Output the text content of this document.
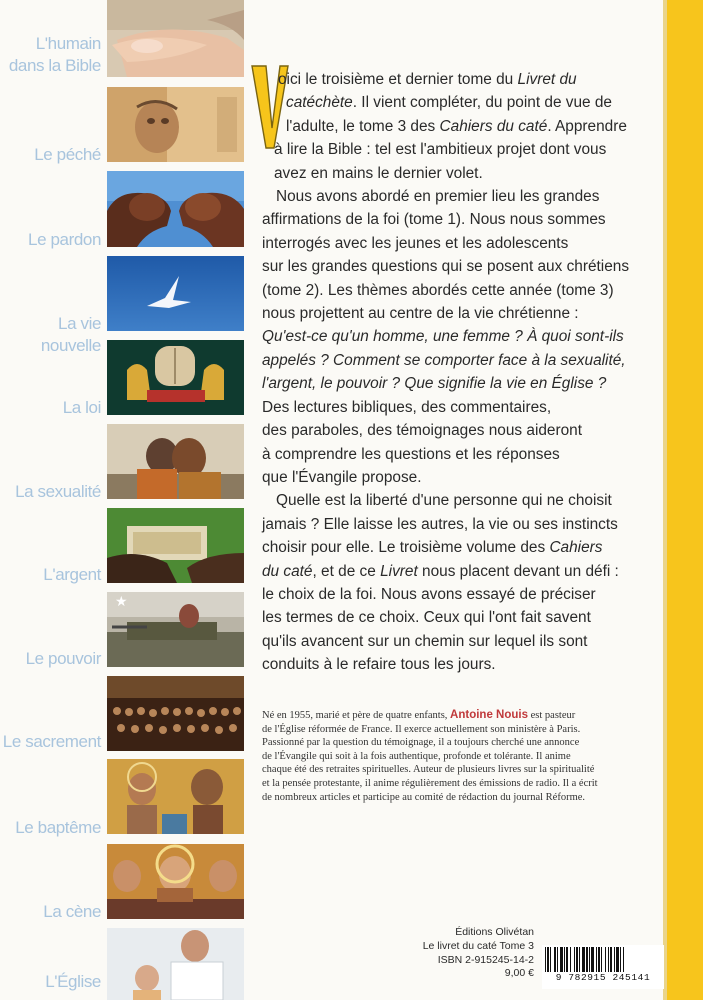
L'humain
dans la Bible
Le péché
Le pardon
La vie nouvelle
La loi
La sexualité
L'argent
Le pouvoir
Le sacrement
Le baptême
La cène
L'Église
★
oici le troisième et dernier tome du Livret du
catéchète. Il vient compléter, du point de vue de
l'adulte, le tome 3 des Cahiers du caté. Apprendre
à lire la Bible : tel est l'ambitieux projet dont vous
avez en mains le dernier volet.
Nous avons abordé en premier lieu les grandes
affirmations de la foi (tome 1). Nous nous sommes
interrogés avec les jeunes et les adolescents
sur les grandes questions qui se posent aux chrétiens
(tome 2). Les thèmes abordés cette année (tome 3)
nous projettent au centre de la vie chrétienne :
Qu'est-ce qu'un homme, une femme ? À quoi sont-ils
appelés ? Comment se comporter face à la sexualité,
l'argent, le pouvoir ? Que signifie la vie en Église ?
Des lectures bibliques, des commentaires,
des paraboles, des témoignages nous aideront
à comprendre les questions et les réponses
que l'Évangile propose.
Quelle est la liberté d'une personne qui ne choisit
jamais ? Elle laisse les autres, la vie ou ses instincts
choisir pour elle. Le troisième volume des Cahiers
du caté, et de ce Livret nous placent devant un défi :
le choix de la foi. Nous avons essayé de préciser
les termes de ce choix. Ceux qui l'ont fait savent
qu'ils avancent sur un chemin sur lequel ils sont
conduits à le refaire tous les jours.
Né en 1955, marié et père de quatre enfants, Antoine Nouis est pasteur
de l'Église réformée de France. Il exerce actuellement son ministère à Paris.
Passionné par la question du témoignage, il a toujours cherché une annonce
de l'Évangile qui soit à la fois authentique, profonde et tolérante. Il anime
chaque été des retraites spirituelles. Auteur de plusieurs livres sur la spiritualité
et la pensée protestante, il anime régulièrement des émissions de radio. Il a écrit
de nombreux articles et participe au comité de rédaction du journal Réforme.
Éditions Olivétan
Le livret du caté Tome 3
ISBN 2-915245-14-2
9,00 €	9 782915 245141
